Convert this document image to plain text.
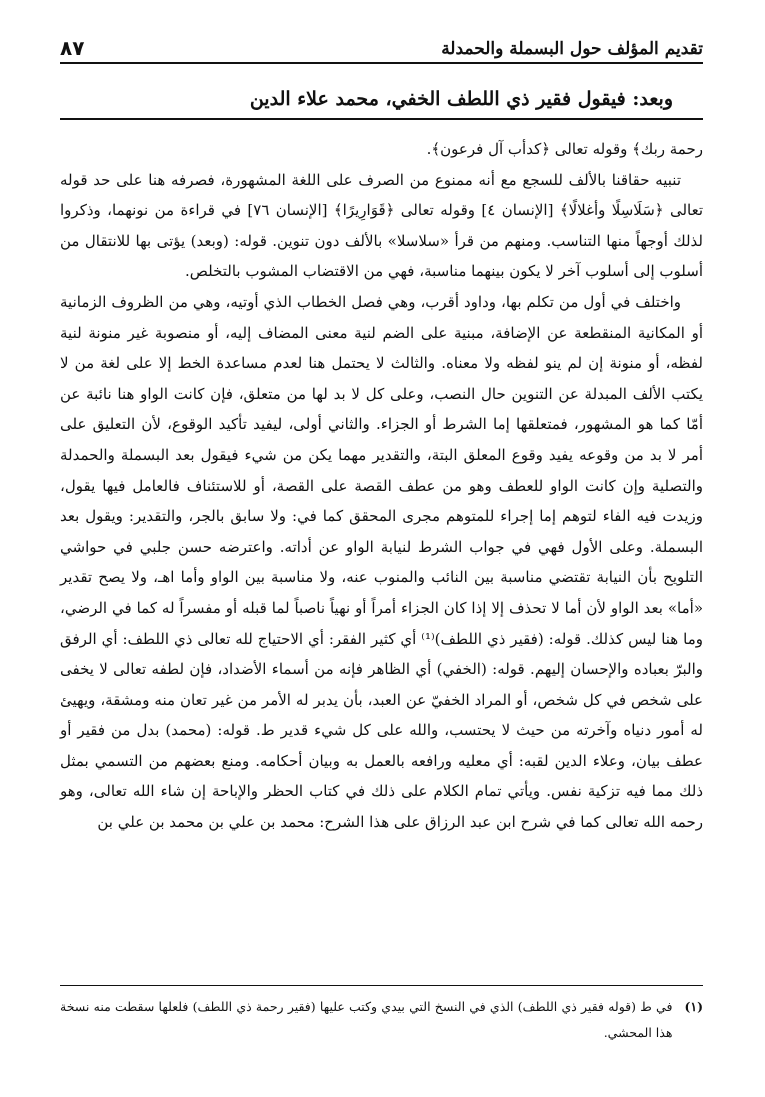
تقديم المؤلف حول البسملة والحمدلة
٨٧
وبعد: فيقول فقير ذي اللطف الخفي، محمد علاء الدين

رحمة ربك﴾ وقوله تعالى ﴿كدأب آل فرعون﴾.

تنبيه حقاقنا بالألف للسجع مع أنه ممنوع من الصرف على اللغة المشهورة، فصرفه هنا على حد قوله تعالى ﴿سَلَاسِلًا وأغلالًا﴾ [الإنسان ٤] وقوله تعالى ﴿قَوَارِيرًا﴾ [الإنسان ٧٦] في قراءة من نونهما، وذكروا لذلك أوجهاً منها التناسب. ومنهم من قرأ «سلاسلا» بالألف دون تنوين. قوله: (وبعد) يؤتى بها للانتقال من أسلوب إلى أسلوب آخر لا يكون بينهما مناسبة، فهي من الاقتضاب المشوب بالتخلص.

واختلف في أول من تكلم بها، وداود أقرب، وهي فصل الخطاب الذي أوتيه، وهي من الظروف الزمانية أو المكانية المنقطعة عن الإضافة، مبنية على الضم لنية معنى المضاف إليه، أو منصوبة غير منونة لنية لفظه، أو منونة إن لم ينو لفظه ولا معناه. والثالث لا يحتمل هنا لعدم مساعدة الخط إلا على لغة من لا يكتب الألف المبدلة عن التنوين حال النصب، وعلى كل لا بد لها من متعلق، فإن كانت الواو هنا نائبة عن أمّا كما هو المشهور، فمتعلقها إما الشرط أو الجزاء. والثاني أولى، ليفيد تأكيد الوقوع، لأن التعليق على أمر لا بد من وقوعه يفيد وقوع المعلق البتة، والتقدير مهما يكن من شيء فيقول بعد البسملة والحمدلة والتصلية وإن كانت الواو للعطف وهو من عطف القصة على القصة، أو للاستئناف فالعامل فيها يقول، وزيدت فيه الفاء لتوهم إما إجراء للمتوهم مجرى المحقق كما في: ولا سابق بالجر، والتقدير: ويقول بعد البسملة. وعلى الأول فهي في جواب الشرط لنيابة الواو عن أداته. واعترضه حسن جلبي في حواشي التلويح بأن النيابة تقتضي مناسبة بين النائب والمنوب عنه، ولا مناسبة بين الواو وأما اهـ، ولا يصح تقدير «أما» بعد الواو لأن أما لا تحذف إلا إذا كان الجزاء أمراً أو نهياً ناصباً لما قبله أو مفسراً له كما في الرضي، وما هنا ليس كذلك. قوله: (فقير ذي اللطف)⁽¹⁾ أي كثير الفقر: أي الاحتياج لله تعالى ذي اللطف: أي الرفق والبرّ بعباده والإحسان إليهم. قوله: (الخفي) أي الظاهر فإنه من أسماء الأضداد، فإن لطفه تعالى لا يخفى على شخص في كل شخص، أو المراد الخفيّ عن العبد، بأن يدبر له الأمر من غير تعان منه ومشقة، ويهيئ له أمور دنياه وآخرته من حيث لا يحتسب، والله على كل شيء قدير ط. قوله: (محمد) بدل من فقير أو عطف بيان، وعلاء الدين لقبه: أي معليه ورافعه بالعمل به وبيان أحكامه. ومنع بعضهم من التسمي بمثل ذلك مما فيه تزكية نفس. ويأتي تمام الكلام على ذلك في كتاب الحظر والإباحة إن شاء الله تعالى، وهو رحمه الله تعالى كما في شرح ابن عبد الرزاق على هذا الشرح: محمد بن علي بن محمد بن علي بن

(١)
في ط (قوله فقير ذي اللطف) الذي في النسخ التي بيدي وكتب عليها (فقير رحمة ذي اللطف) فلعلها سقطت منه نسخة هذا المحشي.
